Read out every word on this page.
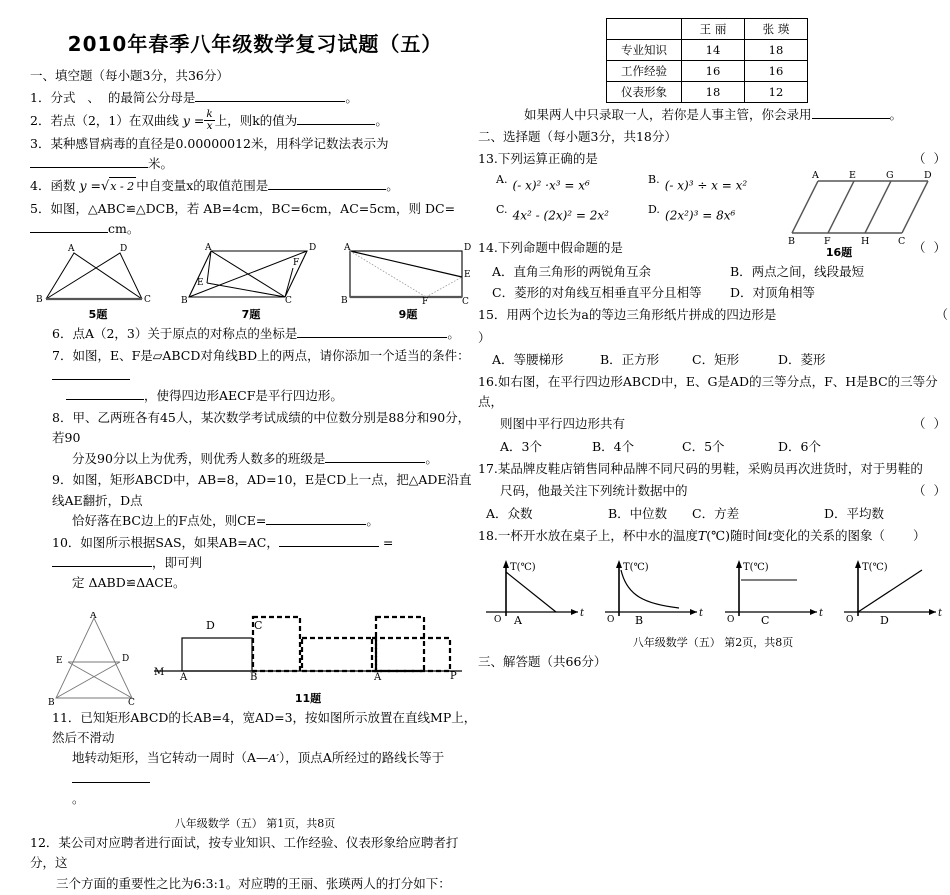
2010年春季八年级数学复习试题（五）
一、填空题（每小题3分，共36分）
1．分式 、 的最简公分母是	。
2．若点（2，1）在双曲线 $y = \frac{k}{x}$ 上，则k的值为	。
3．某种感冒病毒的直径是0.00000012米，用科学记数法表示为米。
4．函数 y =√x - 2 中自变量x的取值范围是	。
5．如图，△ABC≌△DCB，若 AB=4cm，BC=6cm，AC=5cm，则 DC=cm。
A	D
B	C
5题
A	D
F
E
B	C
7题
A	D
E
B	F	C
9题
6．点A（2，3）关于原点的对称点的坐标是	。
7．如图，E、F是▱ABCD对角线BD上的两点，请你添加一个适当的条件：
，使得四边形AECF是平行四边形。
8．甲、乙两班各有45人，某次数学考试成绩的中位数分别是88分和90分，若90
分及90分以上为优秀，则优秀人数多的班级是	。
9．如图，矩形ABCD中，AB=8，AD=10，E是CD上一点，把△ADE沿直线AE翻折，D点
恰好落在BC边上的F点处，则CE=	。
10．如图所示根据SAS，如果AB=AC，	= ，即可判
定 ΔABD≌ΔACE。
A
E	D
B	C
M A	B	A	P
D	C
11题
11．已知矩形ABCD的长AB=4，宽AD=3，按如图所示放置在直线MP上，然后不滑动
地转动矩形，当它转动一周时（A—A′），顶点A所经过的路线长等于
。
八年级数学（五） 第1页，共8页
12．某公司对应聘者进行面试，按专业知识、工作经验、仪表形象给应聘者打分，这
三个方面的重要性之比为6:3:1。对应聘的王丽、张瑛两人的打分如下：
	王 丽	张 瑛
专业知识	14	18
工作经验	16	16
仪表形象	18	12
如果两人中只录取一人，若你是人事主管，你会录用	。
二、选择题（每小题3分，共18分）
13.下列运算正确的是	（ ）
$^{A.}$ (- x)² ·x³ = x⁶	$^{B.}$ (- x)³ ÷ x = x²
$^{C.}$ 4x² - (2x)² = 2x²	$^{D.}$ (2x²)³ = 8x⁶
A	E	G	D
B	F	H	C
16题
14.下列命题中假命题的是	（ ）
A．直角三角形的两锐角互余	B．两点之间，线段最短
C．菱形的对角线互相垂直平分且相等 D．对顶角相等
15．用两个边长为a的等边三角形纸片拼成的四边形是	（
）
A．等腰梯形	B．正方形	C．矩形	D．菱形
16.如右图，在平行四边形ABCD中，E、G是AD的三等分点，F、H是BC的三等分点，
则图中平行四边形共有	（ ）
A．3个	B．4个	C．5个	D．6个
17.某品牌皮鞋店销售同种品牌不同尺码的男鞋，采购员再次进货时，对于男鞋的
尺码，他最关注下列统计数据中的	（ ）
A．众数	B．中位数 C．方差	D．平均数
18.一杯开水放在桌子上，杯中水的温度T(℃)随时间t变化的关系的图象（ ）
T(℃)
t
O A
T(℃)
t
O B
T(℃)
t
O C
T(℃)
t
O D
八年级数学（五） 第2页，共8页
三、解答题（共66分）
